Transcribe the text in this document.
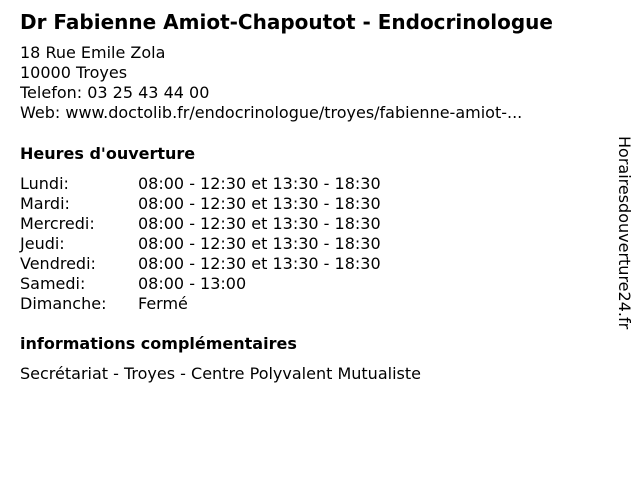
Dr Fabienne Amiot-Chapoutot - Endocrinologue
18 Rue Emile Zola
10000 Troyes
Telefon: 03 25 43 44 00
Web: www.doctolib.fr/endocrinologue/troyes/fabienne-amiot-...
Heures d'ouverture
Lundi:	08:00 - 12:30 et 13:30 - 18:30
Mardi:	08:00 - 12:30 et 13:30 - 18:30
Mercredi:	08:00 - 12:30 et 13:30 - 18:30
Jeudi:	08:00 - 12:30 et 13:30 - 18:30
Vendredi:	08:00 - 12:30 et 13:30 - 18:30
Samedi:	08:00 - 13:00
Dimanche: Fermé
informations complémentaires
Secrétariat - Troyes - Centre Polyvalent Mutualiste
Horairesdouverture24.fr
